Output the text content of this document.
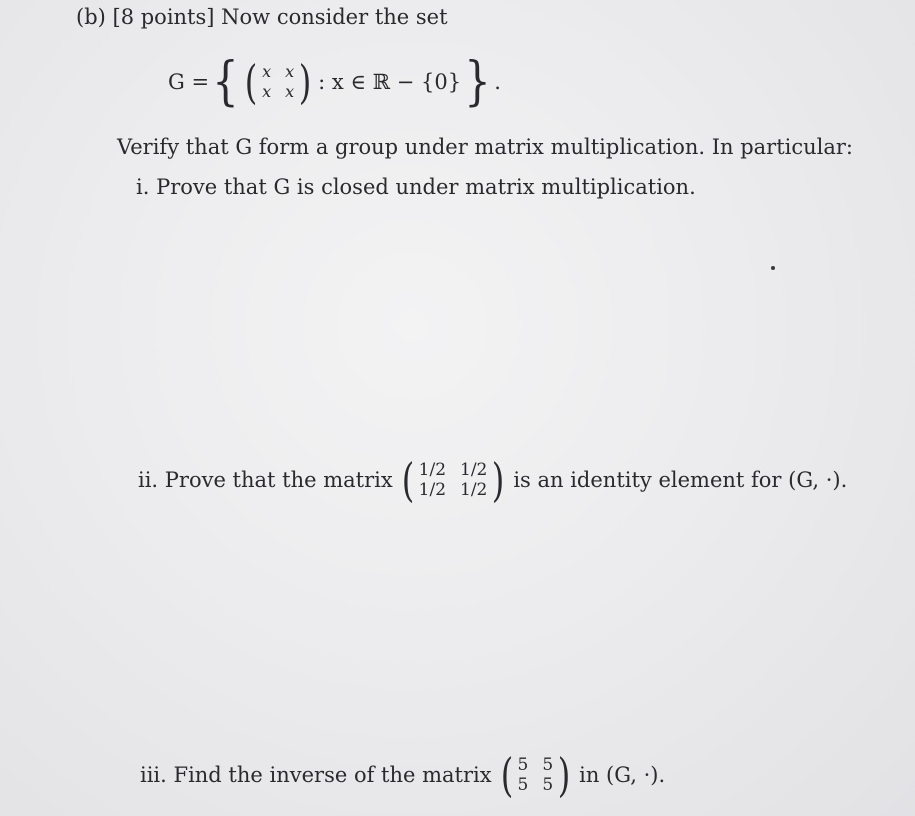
(b) [8 points] Now consider the set
G = { ( x x
x x ) : x ∈ ℝ − {0} } .
Verify that G form a group under matrix multiplication. In particular:
i. Prove that G is closed under matrix multiplication.
ii. Prove that the matrix ( 1/2 1/2
1/2 1/2 ) is an identity element for (G, ·).
iii. Find the inverse of the matrix ( 5 5
5 5 ) in (G, ·).
